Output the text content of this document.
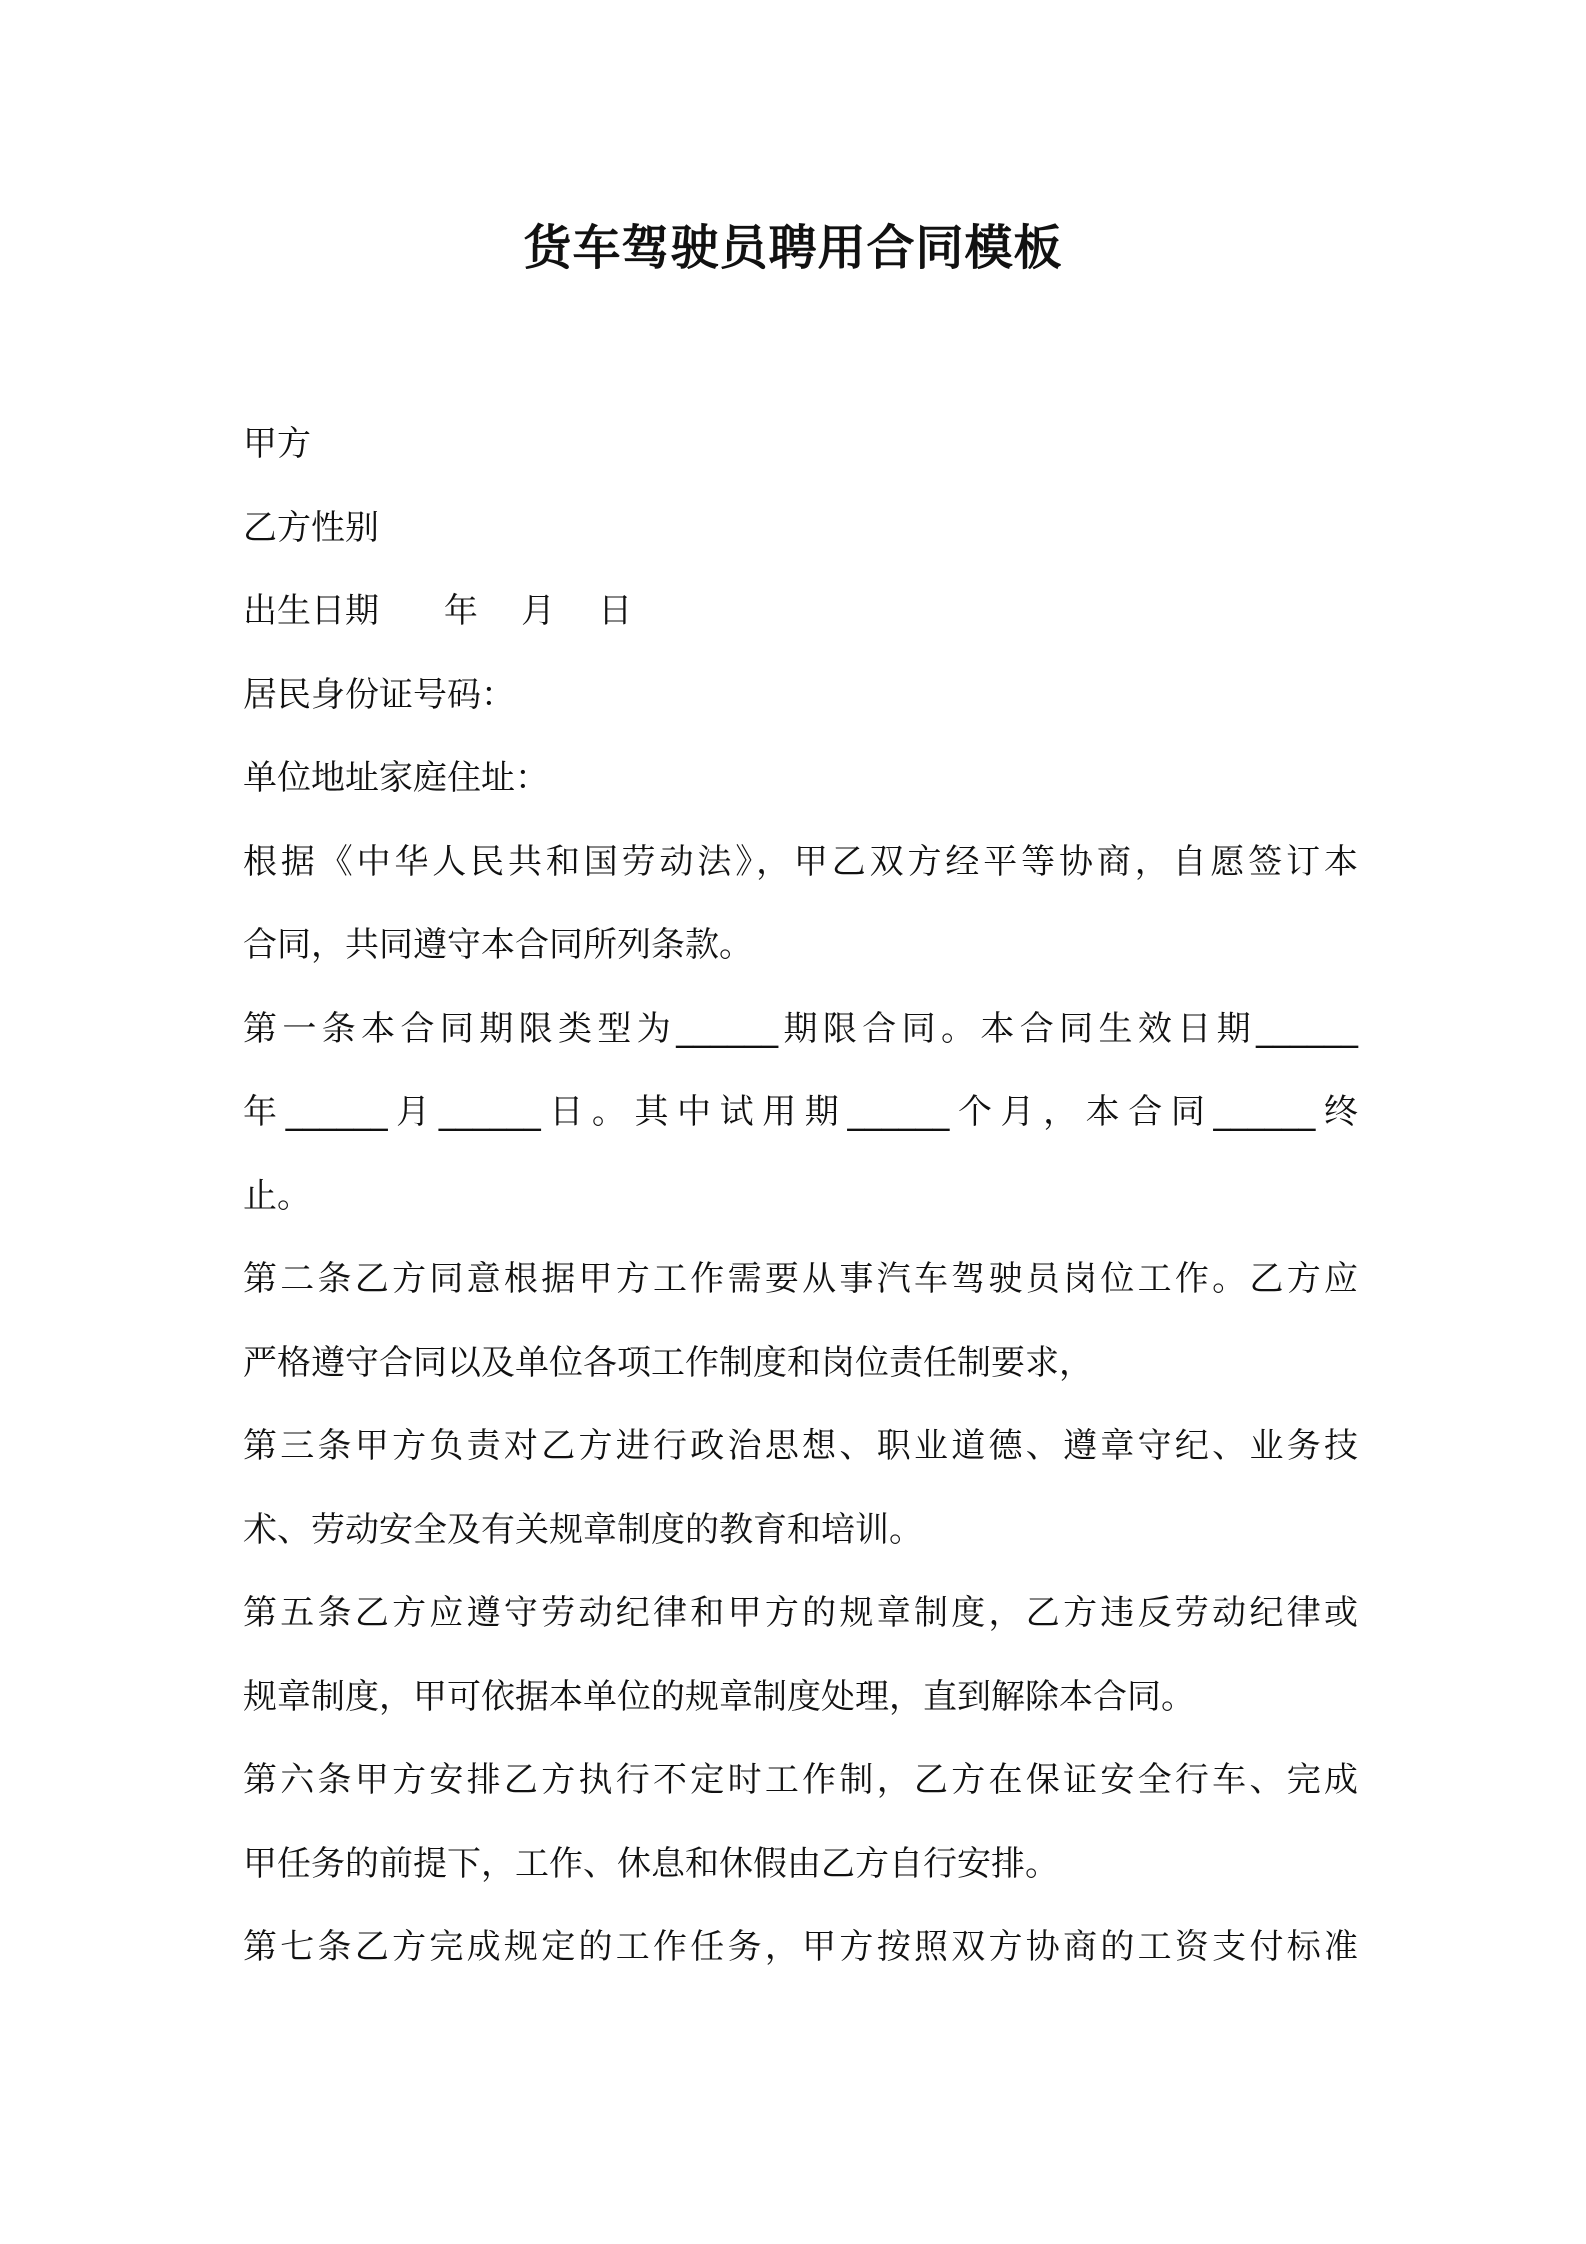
货车驾驶员聘用合同模板
甲方
乙方性别
出生日期      年    月    日
居民身份证号码：
单位地址家庭住址：
根据《中华人民共和国劳动法》，甲乙双方经平等协商，自愿签订本
合同，共同遵守本合同所列条款。
第一条本合同期限类型为______期限合同。本合同生效日期______
年______月______日。其中试用期______个月，本合同______终
止。
第二条乙方同意根据甲方工作需要从事汽车驾驶员岗位工作。乙方应
严格遵守合同以及单位各项工作制度和岗位责任制要求，
第三条甲方负责对乙方进行政治思想、职业道德、遵章守纪、业务技
术、劳动安全及有关规章制度的教育和培训。
第五条乙方应遵守劳动纪律和甲方的规章制度，乙方违反劳动纪律或
规章制度，甲可依据本单位的规章制度处理，直到解除本合同。
第六条甲方安排乙方执行不定时工作制，乙方在保证安全行车、完成
甲任务的前提下，工作、休息和休假由乙方自行安排。
第七条乙方完成规定的工作任务，甲方按照双方协商的工资支付标准
